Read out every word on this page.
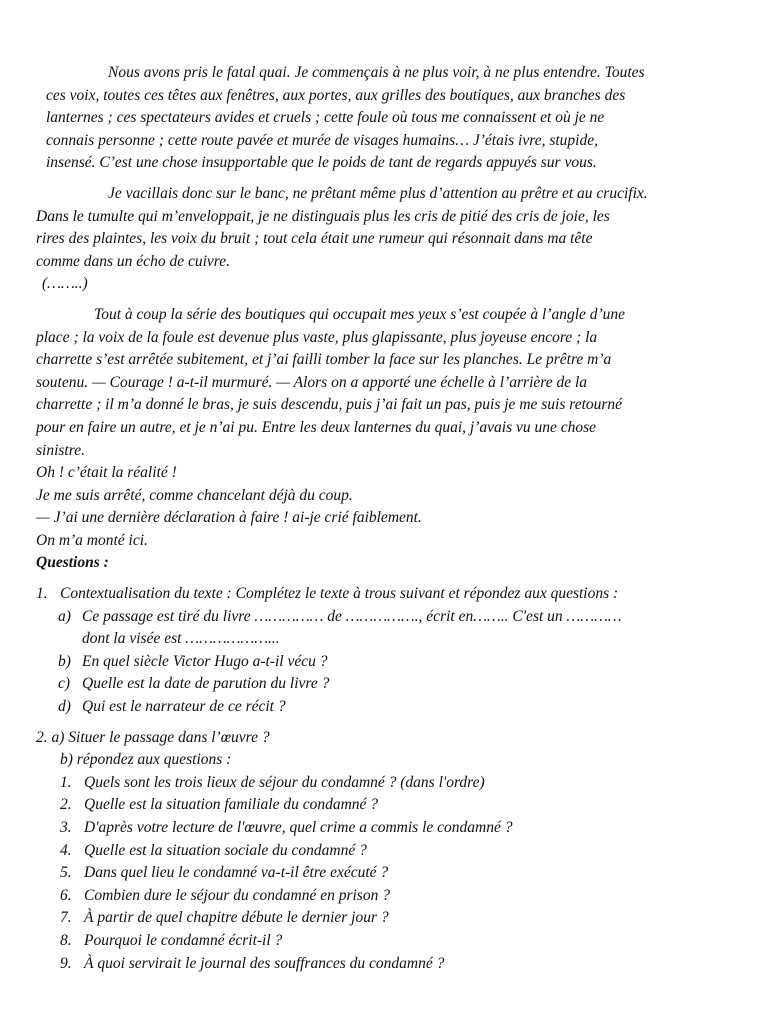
Nous avons pris le fatal quai. Je commençais à ne plus voir, à ne plus entendre. Toutes
ces voix, toutes ces têtes aux fenêtres, aux portes, aux grilles des boutiques, aux branches des
lanternes ; ces spectateurs avides et cruels ; cette foule où tous me connaissent et où je ne
connais personne ; cette route pavée et murée de visages humains… J’étais ivre, stupide,
insensé. C’est une chose insupportable que le poids de tant de regards appuyés sur vous.
Je vacillais donc sur le banc, ne prêtant même plus d’attention au prêtre et au crucifix.
Dans le tumulte qui m’enveloppait, je ne distinguais plus les cris de pitié des cris de joie, les
rires des plaintes, les voix du bruit ; tout cela était une rumeur qui résonnait dans ma tête
comme dans un écho de cuivre.
(……..)
Tout à coup la série des boutiques qui occupait mes yeux s’est coupée à l’angle d’une
place ; la voix de la foule est devenue plus vaste, plus glapissante, plus joyeuse encore ; la
charrette s’est arrêtée subitement, et j’ai failli tomber la face sur les planches. Le prêtre m’a
soutenu. — Courage ! a-t-il murmuré. — Alors on a apporté une échelle à l’arrière de la
charrette ; il m’a donné le bras, je suis descendu, puis j’ai fait un pas, puis je me suis retourné
pour en faire un autre, et je n’ai pu. Entre les deux lanternes du quai, j’avais vu une chose
sinistre.
Oh ! c’était la réalité !
Je me suis arrêté, comme chancelant déjà du coup.
— J’ai une dernière déclaration à faire ! ai-je crié faiblement.
On m’a monté ici.
Questions :
1. Contextualisation du texte : Complétez le texte à trous suivant et répondez aux questions :
a) Ce passage est tiré du livre …………… de ……………., écrit en…….. C'est un …………
dont la visée est ………………...
b) En quel siècle Victor Hugo a-t-il vécu ?
c) Quelle est la date de parution du livre ?
d) Qui est le narrateur de ce récit ?
2. a) Situer le passage dans l’œuvre ?
b) répondez aux questions :
1. Quels sont les trois lieux de séjour du condamné ? (dans l'ordre)
2. Quelle est la situation familiale du condamné ?
3. D'après votre lecture de l'œuvre, quel crime a commis le condamné ?
4. Quelle est la situation sociale du condamné ?
5. Dans quel lieu le condamné va-t-il être exécuté ?
6. Combien dure le séjour du condamné en prison ?
7. À partir de quel chapitre débute le dernier jour ?
8. Pourquoi le condamné écrit-il ?
9. À quoi servirait le journal des souffrances du condamné ?
